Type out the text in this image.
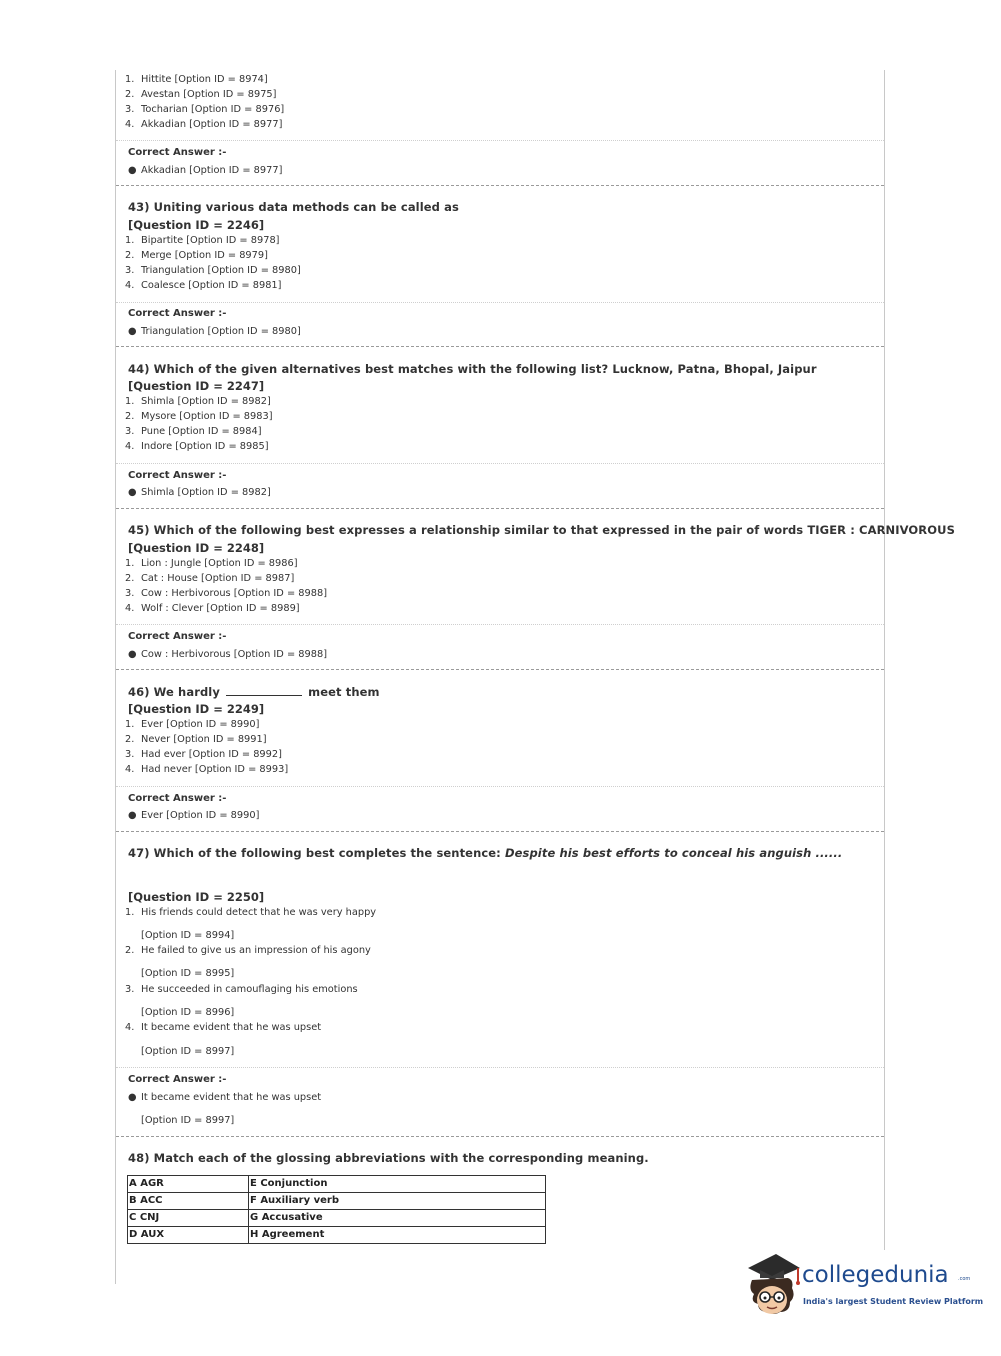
1. Hittite [Option ID = 8974]
2. Avestan [Option ID = 8975]
3. Tocharian [Option ID = 8976]
4. Akkadian [Option ID = 8977]
Correct Answer :-
● Akkadian [Option ID = 8977]
43) Uniting various data methods can be called as
[Question ID = 2246]
1. Bipartite [Option ID = 8978]
2. Merge [Option ID = 8979]
3. Triangulation [Option ID = 8980]
4. Coalesce [Option ID = 8981]
Correct Answer :-
● Triangulation [Option ID = 8980]
44) Which of the given alternatives best matches with the following list? Lucknow, Patna, Bhopal, Jaipur
[Question ID = 2247]
1. Shimla [Option ID = 8982]
2. Mysore [Option ID = 8983]
3. Pune [Option ID = 8984]
4. Indore [Option ID = 8985]
Correct Answer :-
● Shimla [Option ID = 8982]
45) Which of the following best expresses a relationship similar to that expressed in the pair of words TIGER : CARNIVOROUS
[Question ID = 2248]
1. Lion : Jungle [Option ID = 8986]
2. Cat : House [Option ID = 8987]
3. Cow : Herbivorous [Option ID = 8988]
4. Wolf : Clever [Option ID = 8989]
Correct Answer :-
● Cow : Herbivorous [Option ID = 8988]
46) We hardly	meet them
[Question ID = 2249]
1. Ever [Option ID = 8990]
2. Never [Option ID = 8991]
3. Had ever [Option ID = 8992]
4. Had never [Option ID = 8993]
Correct Answer :-
● Ever [Option ID = 8990]
47) Which of the following best completes the sentence: Despite his best efforts to conceal his anguish ......
[Question ID = 2250]
1. His friends could detect that he was very happy
[Option ID = 8994]
2. He failed to give us an impression of his agony
[Option ID = 8995]
3. He succeeded in camouflaging his emotions
[Option ID = 8996]
4. It became evident that he was upset
[Option ID = 8997]
Correct Answer :-
● It became evident that he was upset
[Option ID = 8997]
48) Match each of the glossing abbreviations with the corresponding meaning.
A AGR	E Conjunction
B ACC	F Auxiliary verb
C CNJ	G Accusative
D AUX	H Agreement
collegedunia .com
India's largest Student Review Platform
